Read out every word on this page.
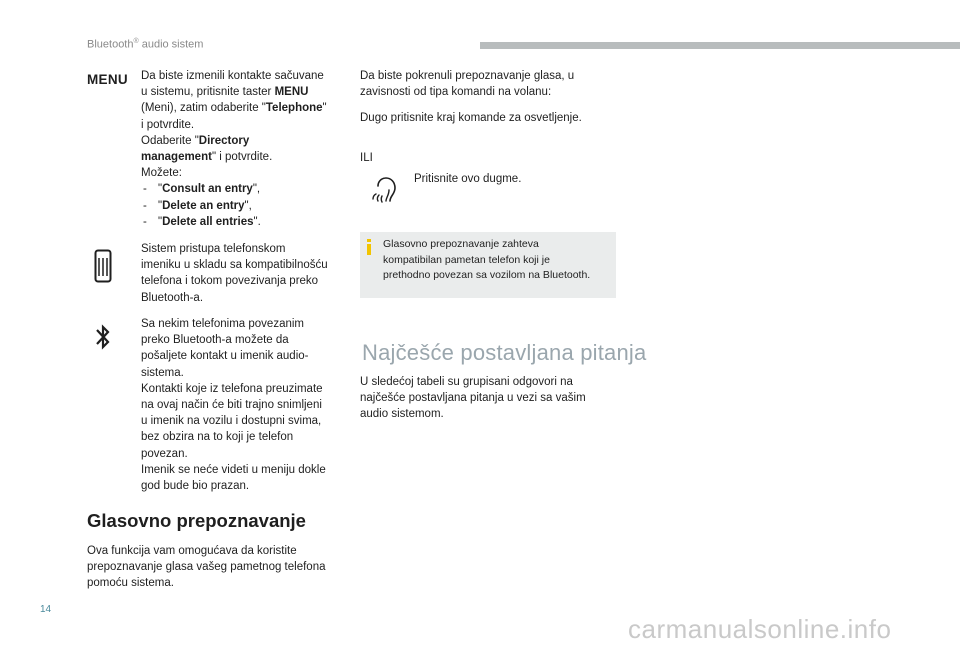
Bluetooth® audio sistem
MENU Da biste izmenili kontakte sačuvane
u sistemu, pritisnite taster MENU
(Meni), zatim odaberite "Telephone"
i potvrdite.
Odaberite "Directory
management" i potvrdite.
Možete:
- "Consult an entry",
- "Delete an entry",
- "Delete all entries".
Sistem pristupa telefonskom
imeniku u skladu sa kompatibilnošću
telefona i tokom povezivanja preko
Bluetooth-a.
Sa nekim telefonima povezanim
preko Bluetooth-a možete da
pošaljete kontakt u imenik audio-
sistema.
Kontakti koje iz telefona preuzimate
na ovaj način će biti trajno snimljeni
u imenik na vozilu i dostupni svima,
bez obzira na to koji je telefon
povezan.
Imenik se neće videti u meniju dokle
god bude bio prazan.
Glasovno prepoznavanje
Ova funkcija vam omogućava da koristite
prepoznavanje glasa vašeg pametnog telefona
pomoću sistema.
Da biste pokrenuli prepoznavanje glasa, u
zavisnosti od tipa komandi na volanu:
Dugo pritisnite kraj komande za osvetljenje.
ILI
Pritisnite ovo dugme.
Glasovno prepoznavanje zahteva
kompatibilan pametan telefon koji je
prethodno povezan sa vozilom na Bluetooth.
Najčešće postavljana pitanja
U sledećoj tabeli su grupisani odgovori na
najčešće postavljana pitanja u vezi sa vašim
audio sistemom.
14
carmanualsonline.info
